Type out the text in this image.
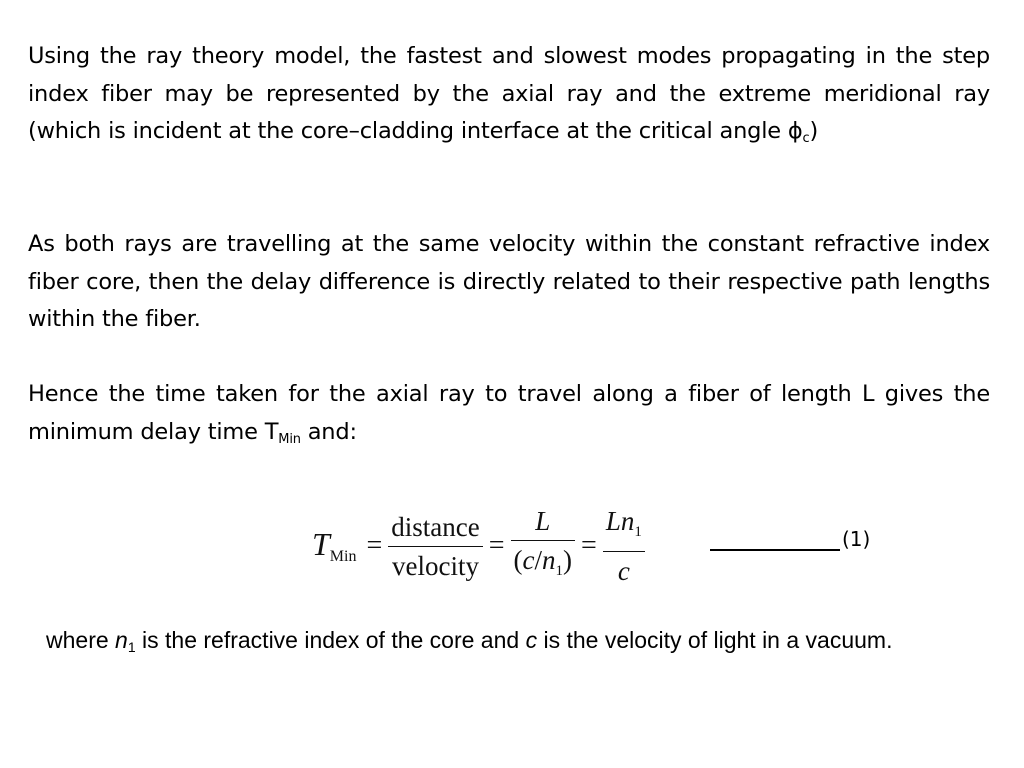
Using the ray theory model, the fastest and slowest modes propagating in the step index fiber may be represented by the axial ray and the extreme meridional ray (which is incident at the core–cladding interface at the critical angle $\phi_c$)

As both rays are travelling at the same velocity within the constant refractive index fiber core, then the delay difference is directly related to their respective path lengths within the fiber.

Hence the time taken for the axial ray to travel along a fiber of length L gives the minimum delay time $T_{Min}$ and:

$T_{Min} = \frac{\text{distance}}{\text{velocity}} = \frac{L}{(c/n_1)} = \frac{Ln_1}{c}$	(1)

where $n_1$ is the refractive index of the core and c is the velocity of light in a vacuum.
